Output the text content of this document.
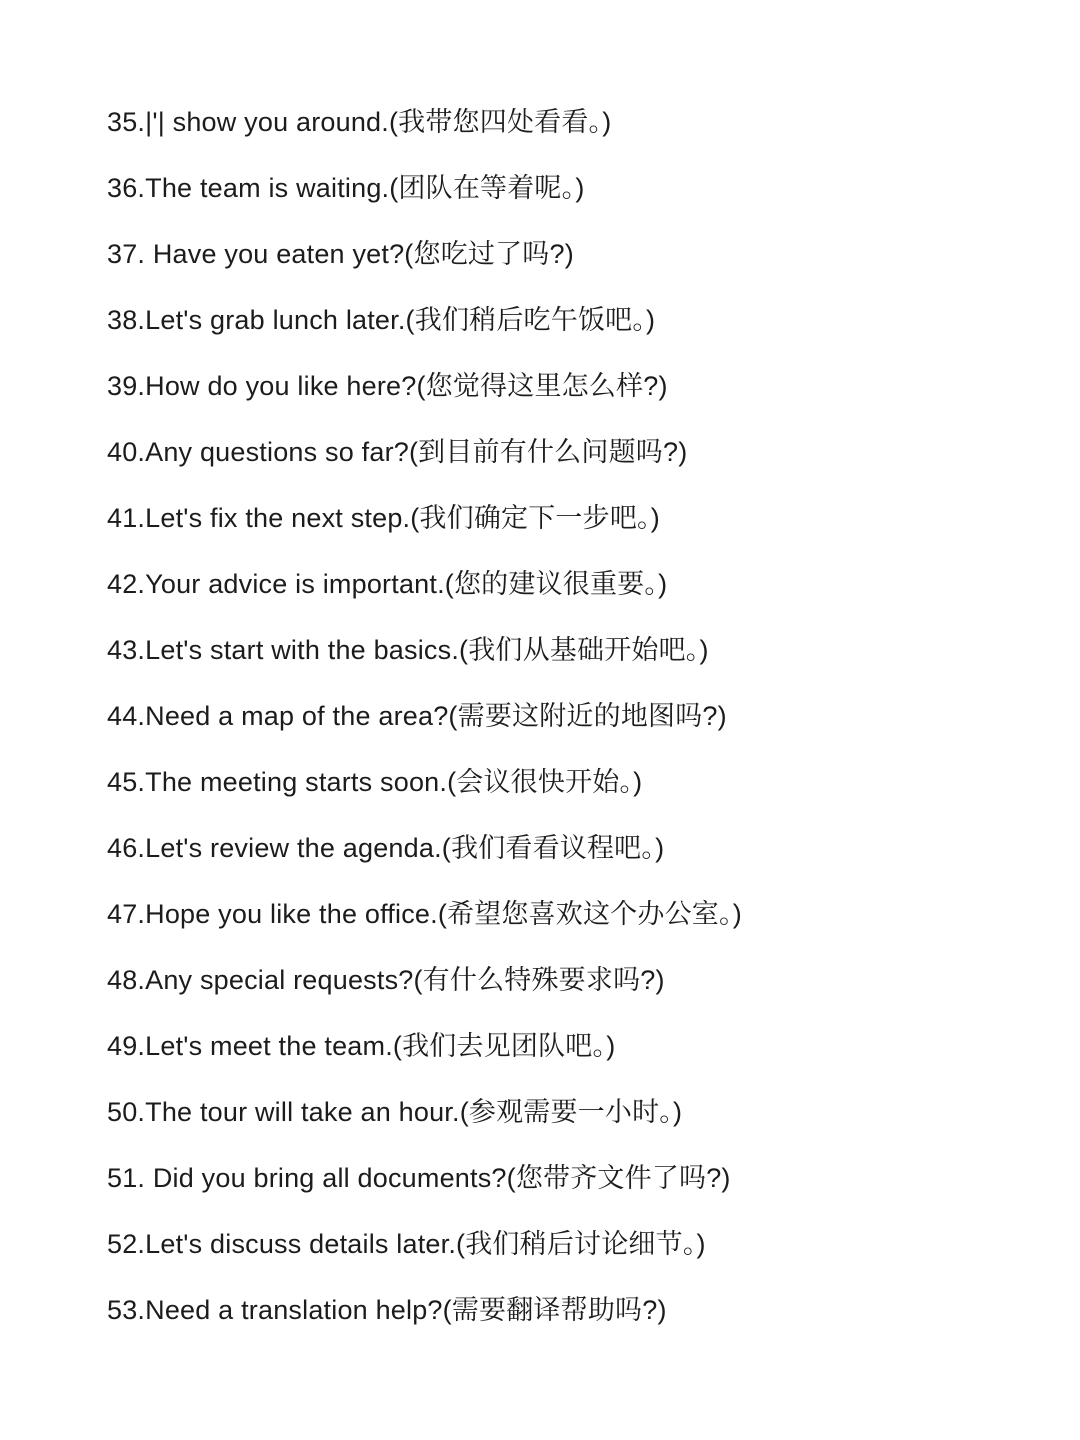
35.|'| show you around.(我带您四处看看。)

36.The team is waiting.(团队在等着呢。)

37. Have you eaten yet?(您吃过了吗?)

38.Let's grab lunch later.(我们稍后吃午饭吧。)

39.How do you like here?(您觉得这里怎么样?)

40.Any questions so far?(到目前有什么问题吗?)

41.Let's fix the next step.(我们确定下一步吧。)

42.Your advice is important.(您的建议很重要。)

43.Let's start with the basics.(我们从基础开始吧。)

44.Need a map of the area?(需要这附近的地图吗?)

45.The meeting starts soon.(会议很快开始。)

46.Let's review the agenda.(我们看看议程吧。)

47.Hope you like the office.(希望您喜欢这个办公室。)

48.Any special requests?(有什么特殊要求吗?)

49.Let's meet the team.(我们去见团队吧。)

50.The tour will take an hour.(参观需要一小时。)

51. Did you bring all documents?(您带齐文件了吗?)

52.Let's discuss details later.(我们稍后讨论细节。)

53.Need a translation help?(需要翻译帮助吗?)
